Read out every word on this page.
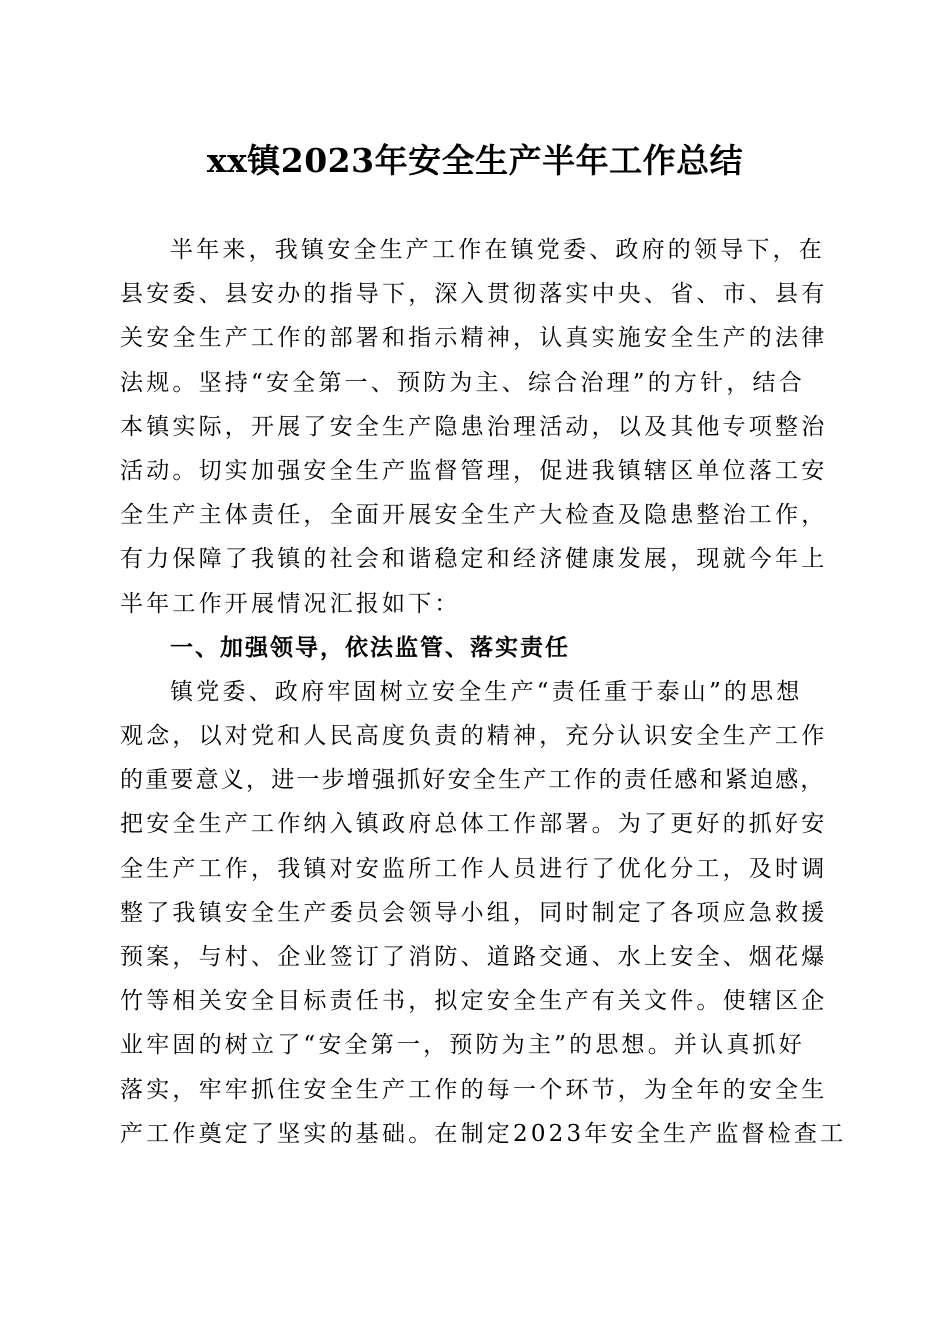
xx镇2023年安全生产半年工作总结

半年来，我镇安全生产工作在镇党委、政府的领导下，在

县安委、县安办的指导下，深入贯彻落实中央、省、市、县有

关安全生产工作的部署和指示精神，认真实施安全生产的法律

法规。坚持“安全第一、预防为主、综合治理”的方针，结合

本镇实际，开展了安全生产隐患治理活动，以及其他专项整治

活动。切实加强安全生产监督管理，促进我镇辖区单位落工安

全生产主体责任，全面开展安全生产大检查及隐患整治工作，

有力保障了我镇的社会和谐稳定和经济健康发展，现就今年上

半年工作开展情况汇报如下：

一、加强领导，依法监管、落实责任

镇党委、政府牢固树立安全生产“责任重于泰山”的思想

观念，以对党和人民高度负责的精神，充分认识安全生产工作

的重要意义，进一步增强抓好安全生产工作的责任感和紧迫感，

把安全生产工作纳入镇政府总体工作部署。为了更好的抓好安

全生产工作，我镇对安监所工作人员进行了优化分工，及时调

整了我镇安全生产委员会领导小组，同时制定了各项应急救援

预案，与村、企业签订了消防、道路交通、水上安全、烟花爆

竹等相关安全目标责任书，拟定安全生产有关文件。使辖区企

业牢固的树立了“安全第一，预防为主”的思想。并认真抓好

落实，牢牢抓住安全生产工作的每一个环节，为全年的安全生

产工作奠定了坚实的基础。在制定2023年安全生产监督检查工
